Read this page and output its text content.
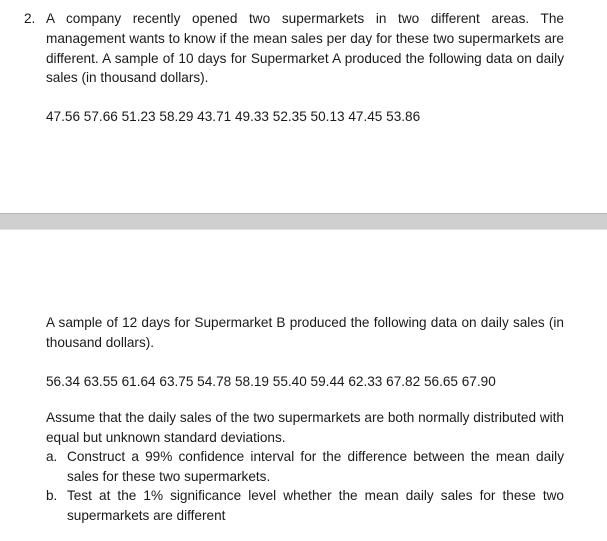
2. A company recently opened two supermarkets in two different areas. The management wants to know if the mean sales per day for these two supermarkets are different. A sample of 10 days for Supermarket A produced the following data on daily sales (in thousand dollars).
47.56 57.66 51.23 58.29 43.71 49.33 52.35 50.13 47.45 53.86
A sample of 12 days for Supermarket B produced the following data on daily sales (in thousand dollars).
56.34 63.55 61.64 63.75 54.78 58.19 55.40 59.44 62.33 67.82 56.65 67.90
Assume that the daily sales of the two supermarkets are both normally distributed with equal but unknown standard deviations.
a. Construct a 99% confidence interval for the difference between the mean daily sales for these two supermarkets.
b. Test at the 1% significance level whether the mean daily sales for these two supermarkets are different
